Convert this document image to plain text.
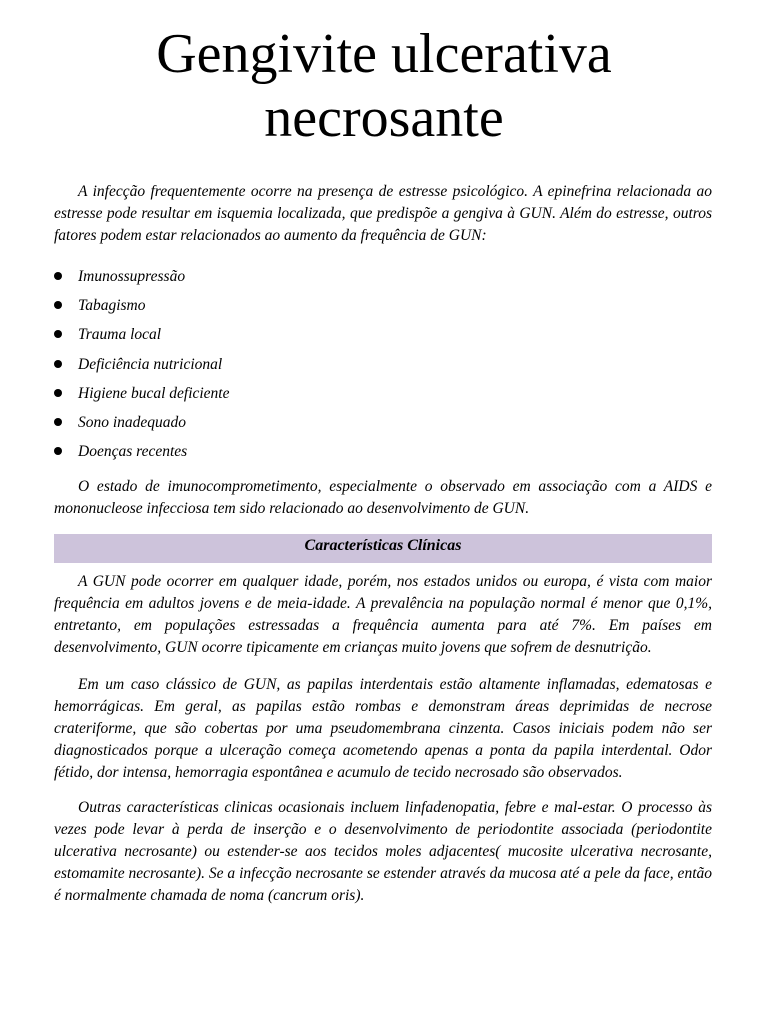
Gengivite ulcerativa
necrosante

A infecção frequentemente ocorre na presença de estresse psicológico. A epinefrina relacionada ao estresse pode resultar em isquemia localizada, que predispõe a gengiva à GUN. Além do estresse, outros fatores podem estar relacionados ao aumento da frequência de GUN:

Imunossupressão
Tabagismo
Trauma local
Deficiência nutricional
Higiene bucal deficiente
Sono inadequado
Doenças recentes

O estado de imunocomprometimento, especialmente o observado em associação com a AIDS e mononucleose infecciosa tem sido relacionado ao desenvolvimento de GUN.

Características Clínicas

A GUN pode ocorrer em qualquer idade, porém, nos estados unidos ou europa, é vista com maior frequência em adultos jovens e de meia-idade. A prevalência na população normal é menor que 0,1%, entretanto, em populações estressadas a frequência aumenta para até 7%. Em países em desenvolvimento, GUN ocorre tipicamente em crianças muito jovens que sofrem de desnutrição.

Em um caso clássico de GUN, as papilas interdentais estão altamente inflamadas, edematosas e hemorrágicas. Em geral, as papilas estão rombas e demonstram áreas deprimidas de necrose crateriforme, que são cobertas por uma pseudomembrana cinzenta. Casos iniciais podem não ser diagnosticados porque a ulceração começa acometendo apenas a ponta da papila interdental. Odor fétido, dor intensa, hemorragia espontânea e acumulo de tecido necrosado são observados.

Outras características clinicas ocasionais incluem linfadenopatia, febre e mal-estar. O processo às vezes pode levar à perda de inserção e o desenvolvimento de periodontite associada (periodontite ulcerativa necrosante) ou estender-se aos tecidos moles adjacentes( mucosite ulcerativa necrosante, estomamite necrosante). Se a infecção necrosante se estender através da mucosa até a pele da face, então é normalmente chamada de noma (cancrum oris).
